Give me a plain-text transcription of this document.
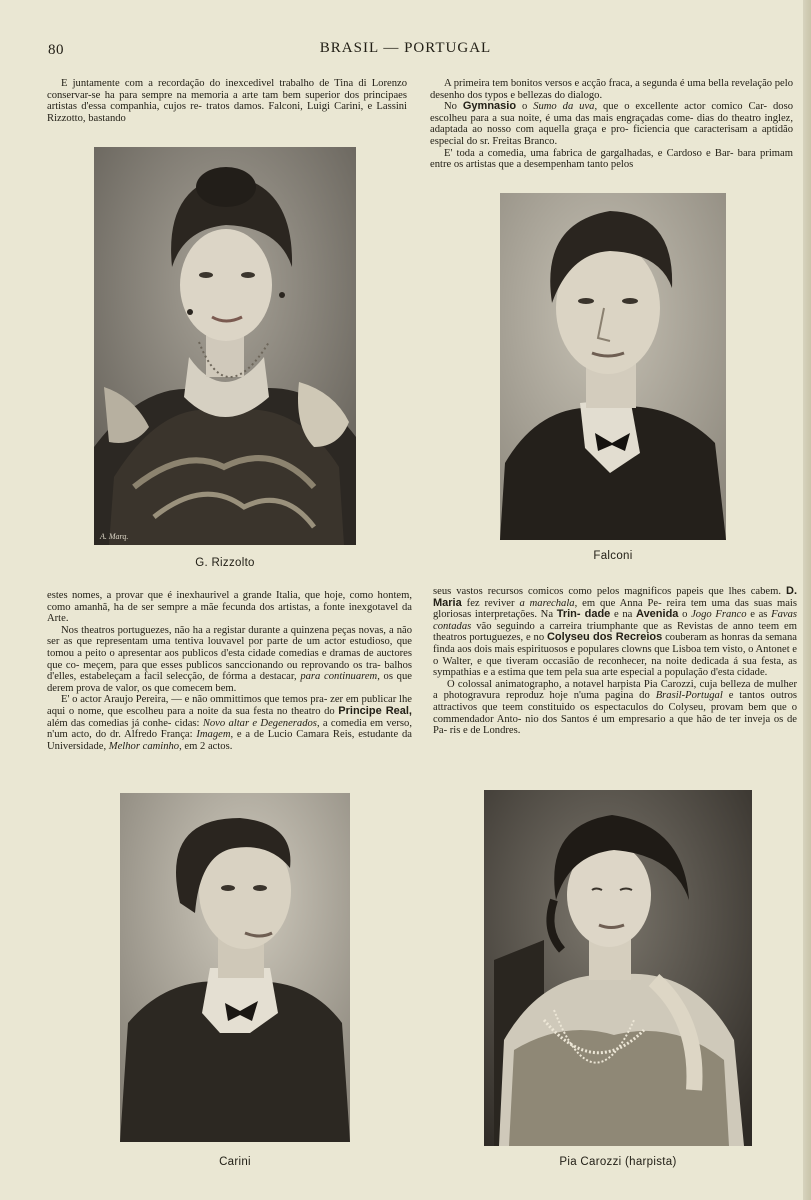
80	BRASIL — PORTUGAL

E juntamente com a recordação do inexcedivel trabalho de Tina di Lorenzo conservar-se ha para sempre na memoria a arte tam bem superior dos principaes artistas d'essa companhia, cujos re- tratos damos. Falconi, Luigi Carini, e Lassini Rizzotto, bastando

A primeira tem bonitos versos e acção fraca, a segunda é uma bella revelação pelo desenho dos typos e bellezas do dialogo.

No Gymnasio o Sumo da uva, que o excellente actor comico Car- doso escolheu para a sua noite, é uma das mais engraçadas come- dias do theatro inglez, adaptada ao nosso com aquella graça e pro- ficiencia que caracterisam a aptidão especial do sr. Freitas Branco.

E' toda a comedia, uma fabrica de gargalhadas, e Cardoso e Bar- bara primam entre os artistas que a desempenham tanto pelos

A. Marq.
G. Rizzolto
Falconi

estes nomes, a provar que é inexhaurivel a grande Italia, que hoje, como hontem, como amanhã, ha de ser sempre a mãe fecunda dos artistas, a fonte inexgotavel da Arte.

Nos theatros portuguezes, não ha a registar durante a quinzena peças novas, a não ser as que representam uma tentiva louvavel por parte de um actor estudioso, que tomou a peito o apresentar aos publicos d'esta cidade comedias e dramas de auctores que co- meçem, para que esses publicos sanccionando ou reprovando os tra- balhos d'elles, estabeleçam a facil selecção, de fórma a destacar, para continuarem, os que derem prova de valor, os que comecem bem.

E' o actor Araujo Pereira, — e não ommittimos que temos pra- zer em publicar lhe aqui o nome, que escolheu para a noite da sua festa no theatro do Principe Real, além das comedias já conhe- cidas: Novo altar e Degenerados, a comedia em verso, n'um acto, do dr. Alfredo França: Imagem, e a de Lucio Camara Reis, estudante da Universidade, Melhor caminho, em 2 actos.

seus vastos recursos comicos como pelos magnificos papeis que lhes cabem. D. Maria fez reviver a marechala, em que Anna Pe- reira tem uma das suas mais gloriosas interpretações. Na Trin- dade e na Avenida o Jogo Franco e as Favas contadas vão seguindo a carreira triumphante que as Revistas de anno teem em theatros portuguezes, e no Colyseu dos Recreios couberam as honras da semana finda aos dois mais espirituosos e populares clowns que Lisboa tem visto, o Antonet e o Walter, e que tiveram occasião de reconhecer, na noite dedicada á sua festa, as sympathias e a estima que tem pela sua arte especial a população d'esta cidade.

O colossal animatographo, a notavel harpista Pia Carozzi, cuja belleza de mulher a photogravura reproduz hoje n'uma pagina do Brasil-Portugal e tantos outros attractivos que teem constituido os espectaculos do Colyseu, provam bem que o commendador Anto- nio dos Santos é um empresario a que hão de ter inveja os de Pa- ris e de Londres.

Carini	Pia Carozzi (harpista)
